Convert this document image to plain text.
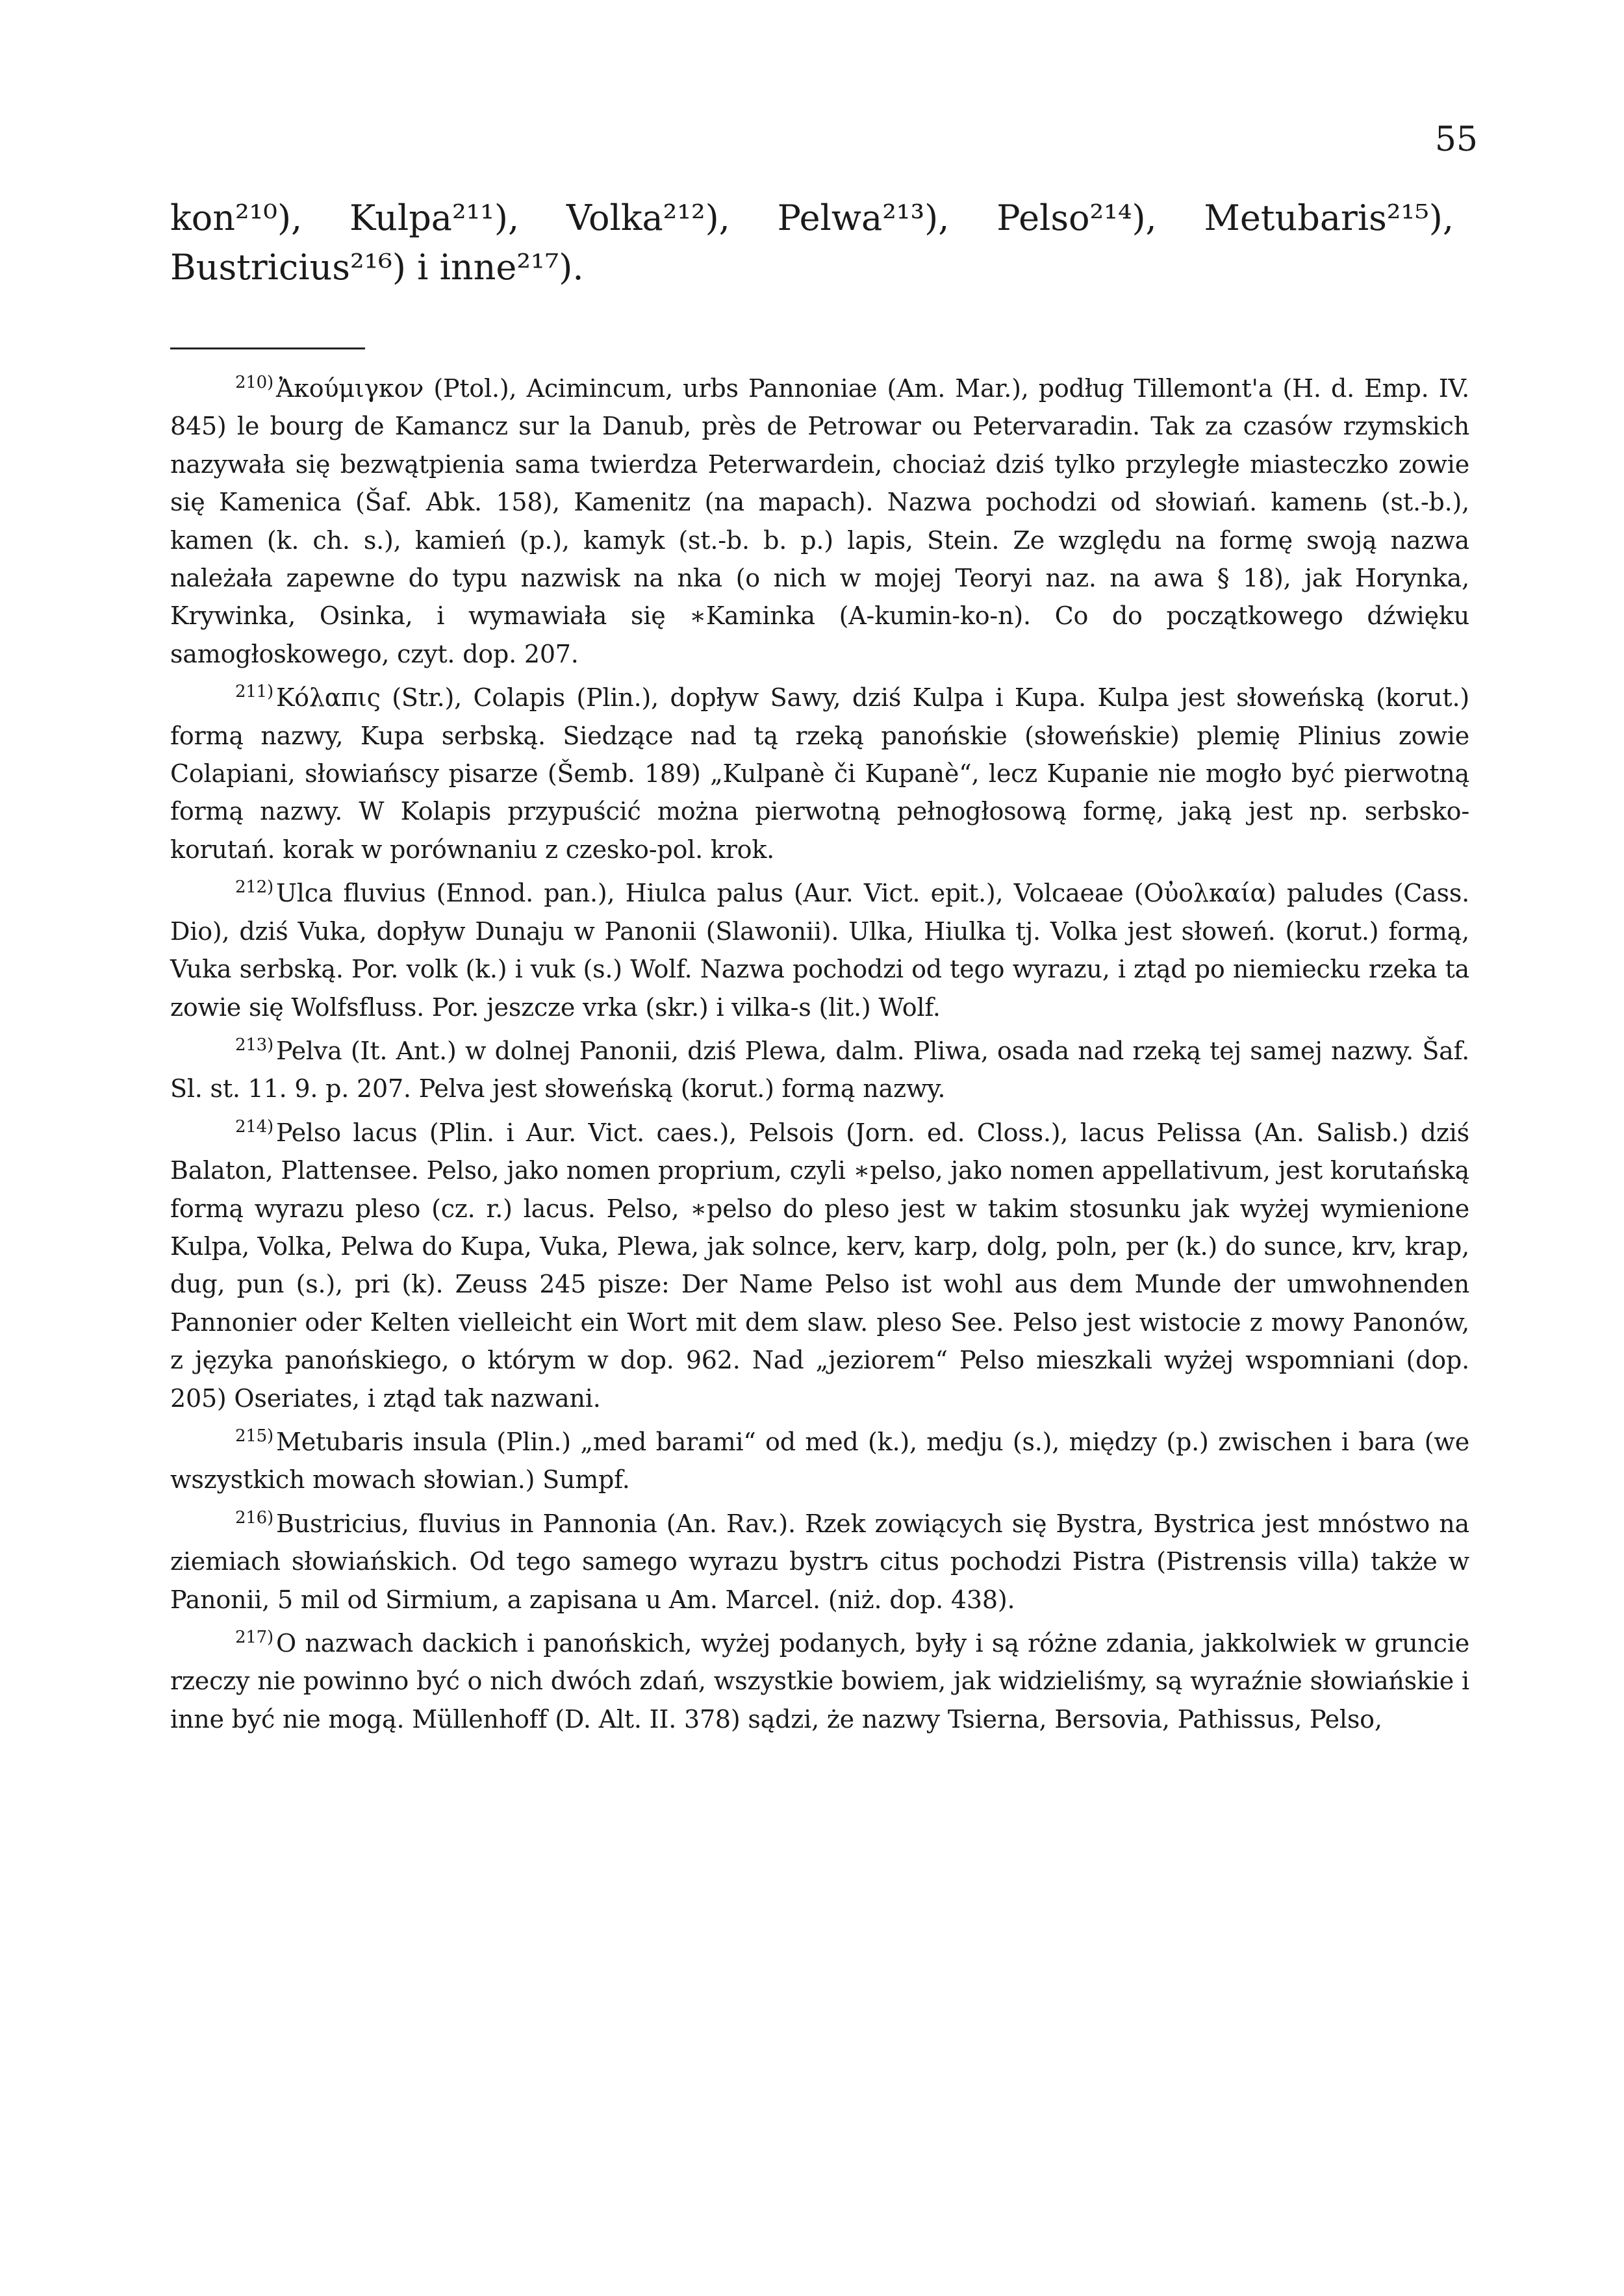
55

kon²¹⁰), Kulpa²¹¹), Volka²¹²), Pelwa²¹³), Pelso²¹⁴), Metubaris²¹⁵), Bustricius²¹⁶) i inne²¹⁷).

$^{210)}$ Ἀκούμιγκον (Ptol.), Acimincum, urbs Pannoniae (Am. Mar.), podług Tillemont'a (H. d. Emp. IV. 845) le bourg de Kamancz sur la Danub, près de Petrowar ou Petervaradin. Tak za czasów rzymskich nazywała się bezwątpienia sama twierdza Peterwardein, chociaż dziś tylko przyległe miasteczko zowie się Kamenica (Šaf. Abk. 158), Kamenitz (na mapach). Nazwa pochodzi od słowiań. kamenь (st.-b.), kamen (k. ch. s.), kamień (p.), kamyk (st.-b. b. p.) lapis, Stein. Ze względu na formę swoją nazwa należała zapewne do typu nazwisk na nka (o nich w mojej Teoryi naz. na awa § 18), jak Horynka, Krywinka, Osinka, i wymawiała się ∗Kaminka (A-kumin-ko-n). Co do początkowego dźwięku samogłoskowego, czyt. dop. 207.

$^{211)}$ Κόλαπις (Str.), Colapis (Plin.), dopływ Sawy, dziś Kulpa i Kupa. Kulpa jest słoweńską (korut.) formą nazwy, Kupa serbską. Siedzące nad tą rzeką panońskie (słoweńskie) plemię Plinius zowie Colapiani, słowiańscy pisarze (Šemb. 189) „Kulpanè či Kupanè“, lecz Kupanie nie mogło być pierwotną formą nazwy. W Kolapis przypuścić można pierwotną pełnogłosową formę, jaką jest np. serbsko-korutań. korak w porównaniu z czesko-pol. krok.

$^{212)}$ Ulca fluvius (Ennod. pan.), Hiulca palus (Aur. Vict. epit.), Volcaeae (Οὐολκαία) paludes (Cass. Dio), dziś Vuka, dopływ Dunaju w Panonii (Slawonii). Ulka, Hiulka tj. Volka jest słoweń. (korut.) formą, Vuka serbską. Por. volk (k.) i vuk (s.) Wolf. Nazwa pochodzi od tego wyrazu, i ztąd po niemiecku rzeka ta zowie się Wolfsfluss. Por. jeszcze vrka (skr.) i vilka-s (lit.) Wolf.

$^{213)}$ Pelva (It. Ant.) w dolnej Panonii, dziś Plewa, dalm. Pliwa, osada nad rzeką tej samej nazwy. Šaf. Sl. st. 11. 9. p. 207. Pelva jest słoweńską (korut.) formą nazwy.

$^{214)}$ Pelso lacus (Plin. i Aur. Vict. caes.), Pelsois (Jorn. ed. Closs.), lacus Pelissa (An. Salisb.) dziś Balaton, Plattensee. Pelso, jako nomen proprium, czyli ∗pelso, jako nomen appellativum, jest korutańską formą wyrazu pleso (cz. r.) lacus. Pelso, ∗pelso do pleso jest w takim stosunku jak wyżej wymienione Kulpa, Volka, Pelwa do Kupa, Vuka, Plewa, jak solnce, kerv, karp, dolg, poln, per (k.) do sunce, krv, krap, dug, pun (s.), pri (k). Zeuss 245 pisze: Der Name Pelso ist wohl aus dem Munde der umwohnenden Pannonier oder Kelten vielleicht ein Wort mit dem slaw. pleso See. Pelso jest wistocie z mowy Panonów, z języka panońskiego, o którym w dop. 962. Nad „jeziorem“ Pelso mieszkali wyżej wspomniani (dop. 205) Oseriates, i ztąd tak nazwani.

$^{215)}$ Metubaris insula (Plin.) „med barami“ od med (k.), medju (s.), między (p.) zwischen i bara (we wszystkich mowach słowian.) Sumpf.

$^{216)}$ Bustricius, fluvius in Pannonia (An. Rav.). Rzek zowiących się Bystra, Bystrica jest mnóstwo na ziemiach słowiańskich. Od tego samego wyrazu bystrъ citus pochodzi Pistra (Pistrensis villa) także w Panonii, 5 mil od Sirmium, a zapisana u Am. Marcel. (niż. dop. 438).

$^{217)}$ O nazwach dackich i panońskich, wyżej podanych, były i są różne zdania, jakkolwiek w gruncie rzeczy nie powinno być o nich dwóch zdań, wszystkie bowiem, jak widzieliśmy, są wyraźnie słowiańskie i inne być nie mogą. Müllenhoff (D. Alt. II. 378) sądzi, że nazwy Tsierna, Bersovia, Pathissus, Pelso,
